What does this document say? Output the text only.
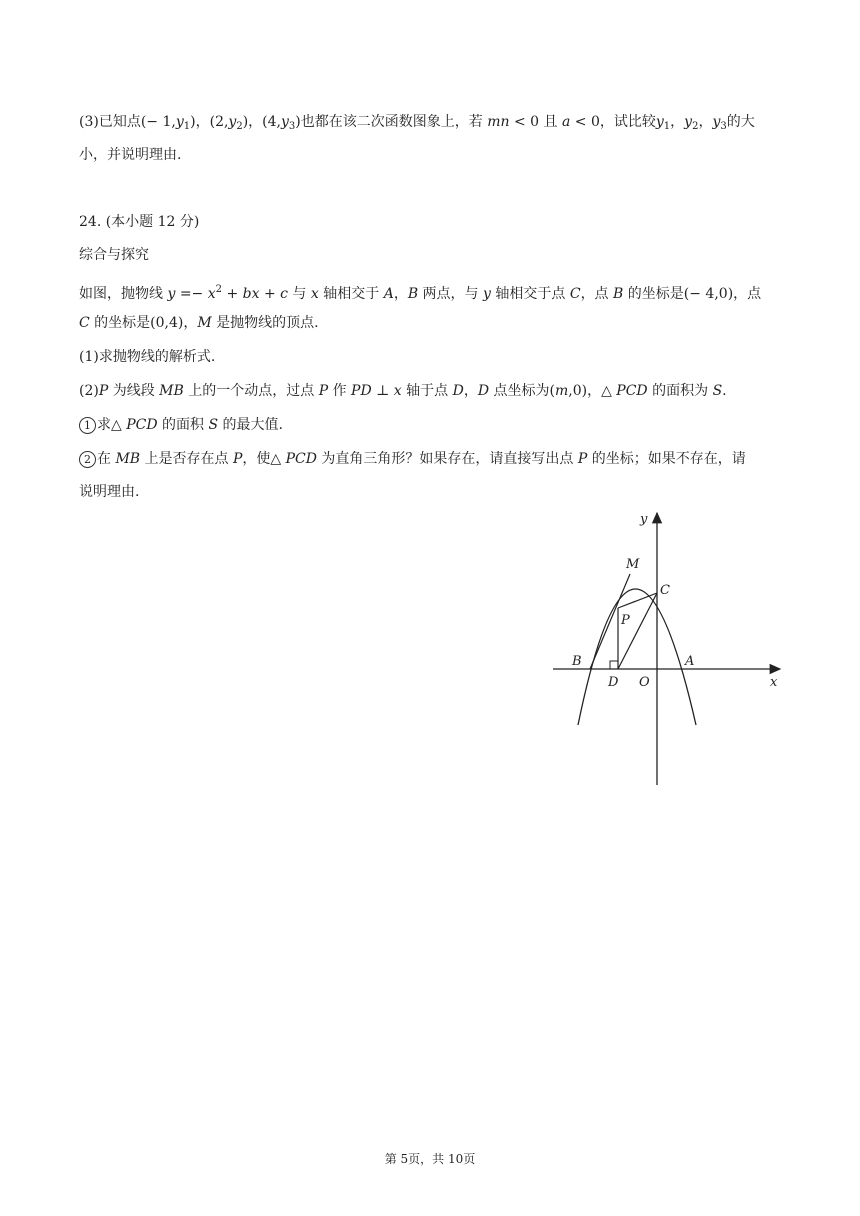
(3)已知点(− $1,y_1$)，$(2,y_2)$，$(4,y_3)$也都在该二次函数图象上，若 mn < 0 且 a < 0，试比较$y_1$，$y_2$，$y_3$的大
小，并说明理由.
24. (本小题 12 分)
综合与探究
如图，抛物线 $y =- x^2$ + bx + c 与 x 轴相交于 A，B 两点，与 y 轴相交于点 C，点 B 的坐标是(− 4,0)，点
C 的坐标是(0,4)，M 是抛物线的顶点.
(1)求抛物线的解析式.
(2)P 为线段 MB 上的一个动点，过点 P 作 PD ⊥ x 轴于点 D，D 点坐标为(m,0)，△ PCD 的面积为 S.
1 求△ PCD 的面积 S 的最大值.
2 在 MB 上是否存在点 P，使△ PCD 为直角三角形？如果存在，请直接写出点 P 的坐标；如果不存在，请
说明理由.
y
x
M
C
P
B	A
D O
第 5页，共 10页
